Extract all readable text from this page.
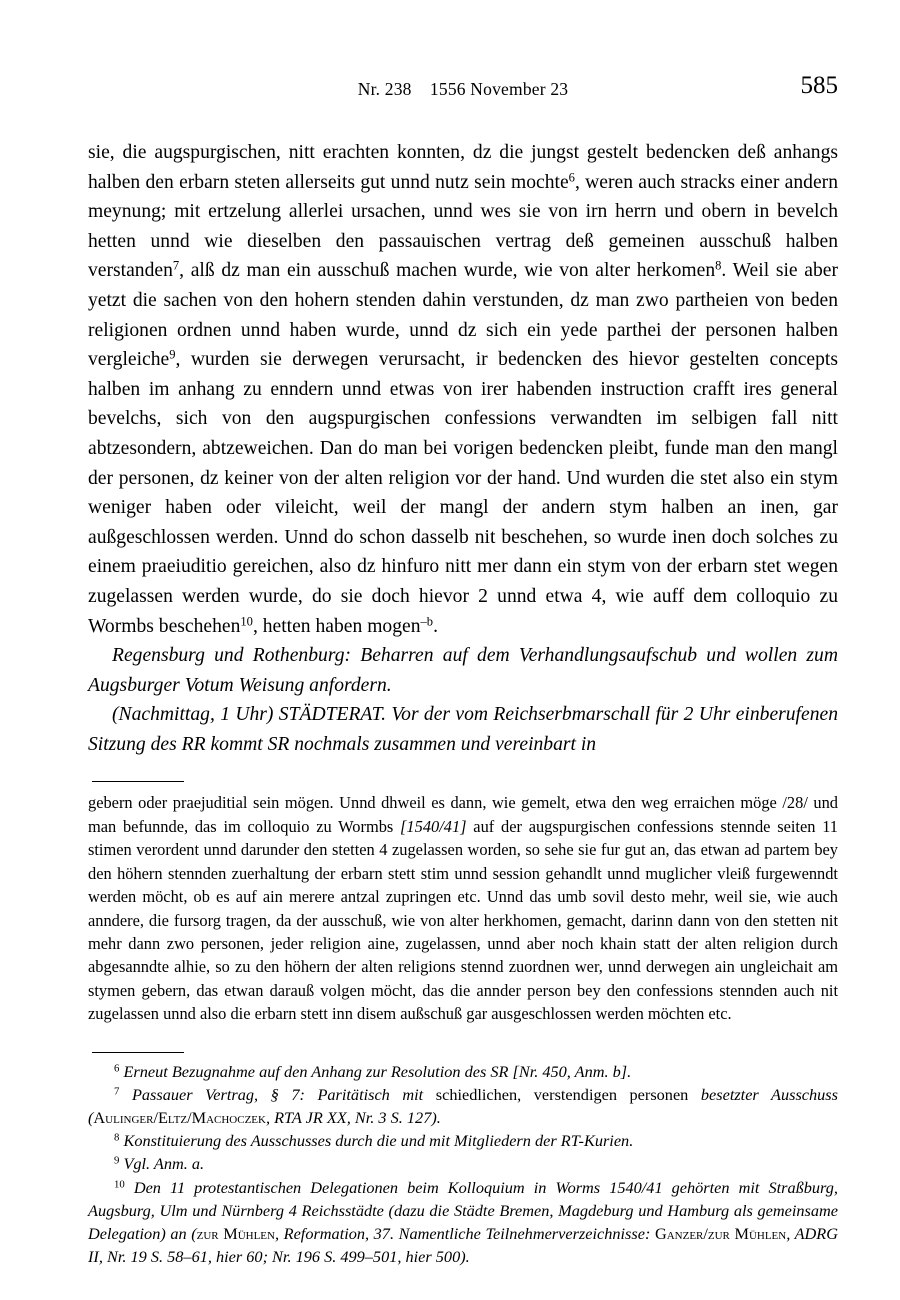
Nr. 238    1556 November 23	585

sie, die augspurgischen, nitt erachten konnten, dz die jungst gestelt bedencken deß anhangs halben den erbarn steten allerseits gut unnd nutz sein mochte$^6$, weren auch stracks einer andern meynung; mit ertzelung allerlei ursachen, unnd wes sie von irn herrn und obern in bevelch hetten unnd wie dieselben den passauischen vertrag deß gemeinen ausschuß halben verstanden$^7$, alß dz man ein ausschuß machen wurde, wie von alter herkomen$^8$. Weil sie aber yetzt die sachen von den hohern stenden dahin verstunden, dz man zwo partheien von beden religionen ordnen unnd haben wurde, unnd dz sich ein yede parthei der personen halben vergleiche$^9$, wurden sie derwegen verursacht, ir bedencken des hievor gestelten concepts halben im anhang zu enndern unnd etwas von irer habenden instruction crafft ires general bevelchs, sich von den augspurgischen confessions verwandten im selbigen fall nitt abtzesondern, abtzeweichen. Dan do man bei vorigen bedencken pleibt, funde man den mangl der personen, dz keiner von der alten religion vor der hand. Und wurden die stet also ein stym weniger haben oder vileicht, weil der mangl der andern stym halben an inen, gar außgeschlossen werden. Unnd do schon dasselb nit beschehen, so wurde inen doch solches zu einem praeiuditio gereichen, also dz hinfuro nitt mer dann ein stym von der erbarn stet wegen zugelassen werden wurde, do sie doch hievor 2 unnd etwa 4, wie auff dem colloquio zu Wormbs beschehen$^{10}$, hetten haben mogen$^{-b}$.

Regensburg und Rothenburg: Beharren auf dem Verhandlungsaufschub und wollen zum Augsburger Votum Weisung anfordern.

(Nachmittag, 1 Uhr) STÄDTERAT. Vor der vom Reichserbmarschall für 2 Uhr einberufenen Sitzung des RR kommt SR nochmals zusammen und vereinbart in

gebern oder praejuditial sein mögen. Unnd dhweil es dann, wie gemelt, etwa den weg erraichen möge /28/ und man befunnde, das im colloquio zu Wormbs [1540/41] auf der augspurgischen confessions stennde seiten 11 stimen verordent unnd darunder den stetten 4 zugelassen worden, so sehe sie fur gut an, das etwan ad partem bey den höhern stennden zuerhaltung der erbarn stett stim unnd session gehandlt unnd muglicher vleiß furgewenndt werden möcht, ob es auf ain merere antzal zupringen etc. Unnd das umb sovil desto mehr, weil sie, wie auch anndere, die fursorg tragen, da der ausschuß, wie von alter herkhomen, gemacht, darinn dann von den stetten nit mehr dann zwo personen, jeder religion aine, zugelassen, unnd aber noch khain statt der alten religion durch abgesanndte alhie, so zu den höhern der alten religions stennd zuordnen wer, unnd derwegen ain ungleichait am stymen gebern, das etwan darauß volgen möcht, das die annder person bey den confessions stennden auch nit zugelassen unnd also die erbarn stett inn disem außschuß gar ausgeschlossen werden möchten etc.

$^6$ Erneut Bezugnahme auf den Anhang zur Resolution des SR [Nr. 450, Anm. b].

$^7$ Passauer Vertrag, § 7: Paritätisch mit schiedlichen, verstendigen personen besetzter Ausschuss (Aulinger/Eltz/Machoczek, RTA JR XX, Nr. 3 S. 127).

$^8$ Konstituierung des Ausschusses durch die und mit Mitgliedern der RT-Kurien.

$^9$ Vgl. Anm. a.

$^{10}$ Den 11 protestantischen Delegationen beim Kolloquium in Worms 1540/41 gehörten mit Straßburg, Augsburg, Ulm und Nürnberg 4 Reichsstädte (dazu die Städte Bremen, Magdeburg und Hamburg als gemeinsame Delegation) an (zur Mühlen, Reformation, 37. Namentliche Teilnehmerverzeichnisse: Ganzer/zur Mühlen, ADRG II, Nr. 19 S. 58–61, hier 60; Nr. 196 S. 499–501, hier 500).
